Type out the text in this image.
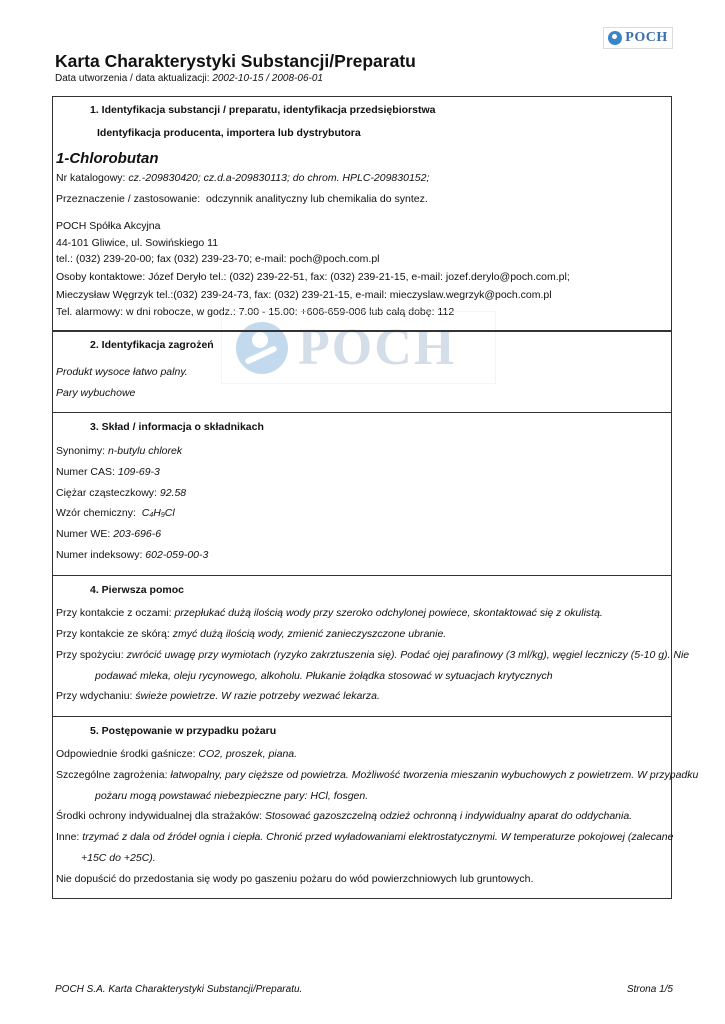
POCH
Karta Charakterystyki Substancji/Preparatu
Data utworzenia / data aktualizacji: 2002-10-15 / 2008-06-01
1. Identyfikacja substancji / preparatu, identyfikacja przedsiębiorstwa
Identyfikacja producenta, importera lub dystrybutora
1-Chlorobutan
Nr katalogowy: cz.-209830420; cz.d.a-209830113; do chrom. HPLC-209830152;
Przeznaczenie / zastosowanie: odczynnik analityczny lub chemikalia do syntez.
POCH Spółka Akcyjna
44-101 Gliwice, ul. Sowińskiego 11
tel.: (032) 239-20-00; fax (032) 239-23-70; e-mail: poch@poch.com.pl
Osoby kontaktowe: Józef Deryło tel.: (032) 239-22-51, fax: (032) 239-21-15, e-mail: jozef.derylo@poch.com.pl;
Mieczysław Węgrzyk tel.:(032) 239-24-73, fax: (032) 239-21-15, e-mail: mieczyslaw.wegrzyk@poch.com.pl
Tel. alarmowy: w dni robocze, w godz.: 7.00 - 15.00: +606-659-006 lub całą dobę: 112
POCH
2. Identyfikacja zagrożeń
Produkt wysoce łatwo palny.
Pary wybuchowe
3. Skład / informacja o składnikach
Synonimy: n-butylu chlorek
Numer CAS: 109-69-3
Ciężar cząsteczkowy: 92.58
Wzór chemiczny: $C_4H_9Cl$
Numer WE: 203-696-6
Numer indeksowy: 602-059-00-3
4. Pierwsza pomoc
Przy kontakcie z oczami: przepłukać dużą ilością wody przy szeroko odchylonej powiece, skontaktować się z okulistą.
Przy kontakcie ze skórą: zmyć dużą ilością wody, zmienić zanieczyszczone ubranie.
Przy spożyciu: zwrócić uwagę przy wymiotach (ryzyko zakrztuszenia się). Podać ojej parafinowy (3 ml/kg), węgiel leczniczy (5-10 g). Nie
podawać mleka, oleju rycynowego, alkoholu. Płukanie żołądka stosować w sytuacjach krytycznych
Przy wdychaniu: świeże powietrze. W razie potrzeby wezwać lekarza.
5. Postępowanie w przypadku pożaru
Odpowiednie środki gaśnicze: CO2, proszek, piana.
Szczególne zagrożenia: łatwopalny, pary cięższe od powietrza. Możliwość tworzenia mieszanin wybuchowych z powietrzem. W przypadku
pożaru mogą powstawać niebezpieczne pary: HCl, fosgen.
Środki ochrony indywidualnej dla strażaków: Stosować gazoszczelną odzież ochronną i indywidualny aparat do oddychania.
Inne: trzymać z dala od źródeł ognia i ciepła. Chronić przed wyładowaniami elektrostatycznymi. W temperaturze pokojowej (zalecane
+15C do +25C).
Nie dopuścić do przedostania się wody po gaszeniu pożaru do wód powierzchniowych lub gruntowych.
POCH S.A. Karta Charakterystyki Substancji/Preparatu.	Strona 1/5
